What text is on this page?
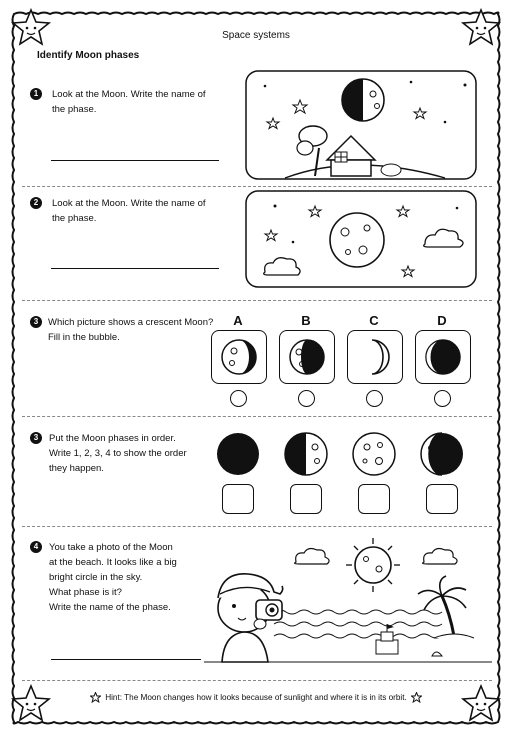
Space systems
Identify Moon phases
1	Look at the Moon. Write the name of
the phase.
2	Look at the Moon. Write the name of
the phase.
3	Which picture shows a crescent Moon?
Fill in the bubble.
A	B	C	D
3	Put the Moon phases in order.
Write 1, 2, 3, 4 to show the order
they happen.
4	You take a photo of the Moon
at the beach. It looks like a big
bright circle in the sky.
What phase is it?
Write the name of the phase.
Hint: The Moon changes how it looks because of sunlight and where it is in its orbit.
